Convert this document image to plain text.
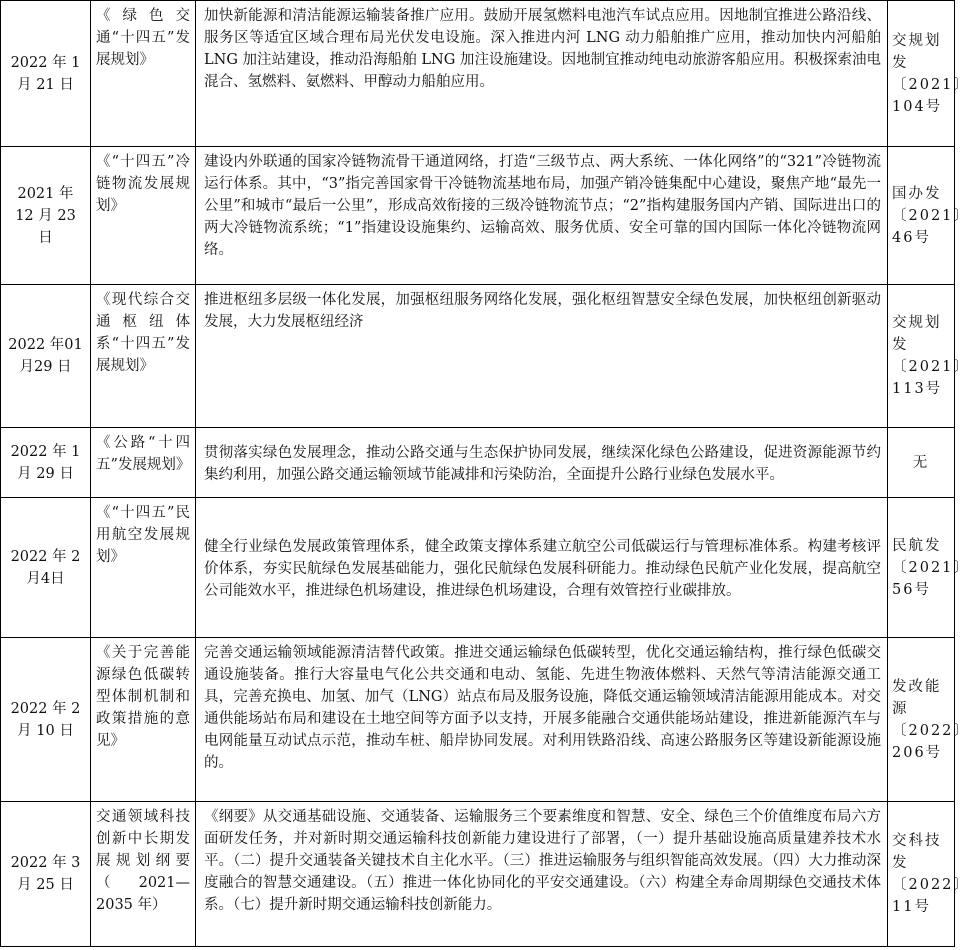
2022 年 1 月 21 日	《绿色交通“十四五”发展规划》	加快新能源和清洁能源运输装备推广应用。鼓励开展氢燃料电池汽车试点应用。因地制宜推进公路沿线、服务区等适宜区域合理布局光伏发电设施。深入推进内河 LNG 动力船舶推广应用，推动加快内河船舶 LNG 加注站建设，推动沿海船舶 LNG 加注设施建设。因地制宜推动纯电动旅游客船应用。积极探索油电混合、氢燃料、氨燃料、甲醇动力船舶应用。	交规划发〔2021〕104号
2021 年 12 月 23 日	《“十四五”冷链物流发展规划》	建设内外联通的国家冷链物流骨干通道网络，打造“三级节点、两大系统、一体化网络”的“321”冷链物流运行体系。其中，“3”指完善国家骨干冷链物流基地布局，加强产销冷链集配中心建设，聚焦产地“最先一公里”和城市“最后一公里”，形成高效衔接的三级冷链物流节点；“2”指构建服务国内产销、国际进出口的两大冷链物流系统；“1”指建设设施集约、运输高效、服务优质、安全可靠的国内国际一体化冷链物流网络。	国办发〔2021〕46号
2022 年01 月29 日	《现代综合交通枢纽体系“十四五”发展规划》	推进枢纽多层级一体化发展，加强枢纽服务网络化发展，强化枢纽智慧安全绿色发展，加快枢纽创新驱动发展，大力发展枢纽经济	交规划发〔2021〕113号
2022 年 1 月 29 日	《公路“十四五”发展规划》	贯彻落实绿色发展理念，推动公路交通与生态保护协同发展，继续深化绿色公路建设，促进资源能源节约集约利用，加强公路交通运输领域节能减排和污染防治，全面提升公路行业绿色发展水平。	无
2022 年 2月4日	《“十四五”民用航空发展规划》	健全行业绿色发展政策管理体系，健全政策支撑体系建立航空公司低碳运行与管理标准体系。构建考核评价体系，夯实民航绿色发展基础能力，强化民航绿色发展科研能力。推动绿色民航产业化发展，提高航空公司能效水平，推进绿色机场建设，推进绿色机场建设，合理有效管控行业碳排放。	民航发〔2021〕56号
2022 年 2 月 10 日	《关于完善能源绿色低碳转型体制机制和政策措施的意见》	完善交通运输领域能源清洁替代政策。推进交通运输绿色低碳转型，优化交通运输结构，推行绿色低碳交通设施装备。推行大容量电气化公共交通和电动、氢能、先进生物液体燃料、天然气等清洁能源交通工具，完善充换电、加氢、加气（LNG）站点布局及服务设施，降低交通运输领域清洁能源用能成本。对交通供能场站布局和建设在土地空间等方面予以支持，开展多能融合交通供能场站建设，推进新能源汽车与电网能量互动试点示范，推动车桩、船岸协同发展。对利用铁路沿线、高速公路服务区等建设新能源设施的。	发改能源〔2022〕206号
2022 年 3 月 25 日	交通领域科技创新中长期发展规划纲要（2021—2035 年）	《纲要》从交通基础设施、交通装备、运输服务三个要素维度和智慧、安全、绿色三个价值维度布局六方面研发任务，并对新时期交通运输科技创新能力建设进行了部署，（一）提升基础设施高质量建养技术水平。（二）提升交通装备关键技术自主化水平。（三）推进运输服务与组织智能高效发展。（四）大力推动深度融合的智慧交通建设。（五）推进一体化协同化的平安交通建设。（六）构建全寿命周期绿色交通技术体系。（七）提升新时期交通运输科技创新能力。	交科技发〔2022〕11号
